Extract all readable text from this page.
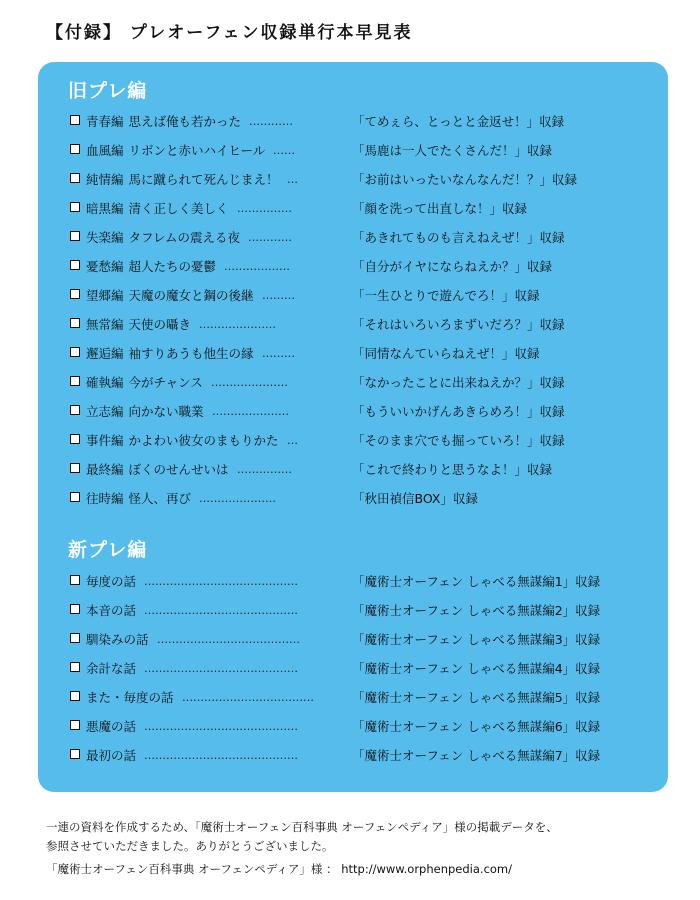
【付録】 プレオーフェン収録単行本早見表
旧プレ編
青春編 思えば俺も若かった …………	「てめぇら、とっとと金返せ！」収録
血風編 リボンと赤いハイヒール ……	「馬鹿は一人でたくさんだ！」収録
純情編 馬に蹴られて死んじまえ！ …	「お前はいったいなんなんだ！？」収録
暗黒編 清く正しく美しく ……………	「顔を洗って出直しな！」収録
失楽編 タフレムの震える夜 …………	「あきれてものも言えねえぜ！」収録
憂愁編 超人たちの憂鬱 ………………	「自分がイヤにならねえか？」収録
望郷編 天魔の魔女と鋼の後継 ………	「一生ひとりで遊んでろ！」収録
無常編 天使の囁き …………………	「それはいろいろまずいだろ？」収録
邂逅編 袖すりあうも他生の縁 ………	「同情なんていらねえぜ！」収録
確執編 今がチャンス …………………	「なかったことに出来ねえか？」収録
立志編 向かない職業 …………………	「もういいかげんあきらめろ！」収録
事件編 かよわい彼女のまもりかた …	「そのまま穴でも掘っていろ！」収録
最終編 ぼくのせんせいは ……………	「これで終わりと思うなよ！」収録
往時編 怪人、再び …………………	「秋田禎信BOX」収録
新プレ編
毎度の話 ……………………………………	「魔術士オーフェン しゃべる無謀編1」収録
本音の話 ……………………………………	「魔術士オーフェン しゃべる無謀編2」収録
馴染みの話 …………………………………	「魔術士オーフェン しゃべる無謀編3」収録
余計な話 ……………………………………	「魔術士オーフェン しゃべる無謀編4」収録
また・毎度の話 ………………………………	「魔術士オーフェン しゃべる無謀編5」収録
悪魔の話 ……………………………………	「魔術士オーフェン しゃべる無謀編6」収録
最初の話 ……………………………………	「魔術士オーフェン しゃべる無謀編7」収録

一連の資料を作成するため、「魔術士オーフェン百科事典 オーフェンペディア」様の掲載データを、

参照させていただきました。ありがとうございました。

「魔術士オーフェン百科事典 オーフェンペディア」様 ： http://www.orphenpedia.com/
